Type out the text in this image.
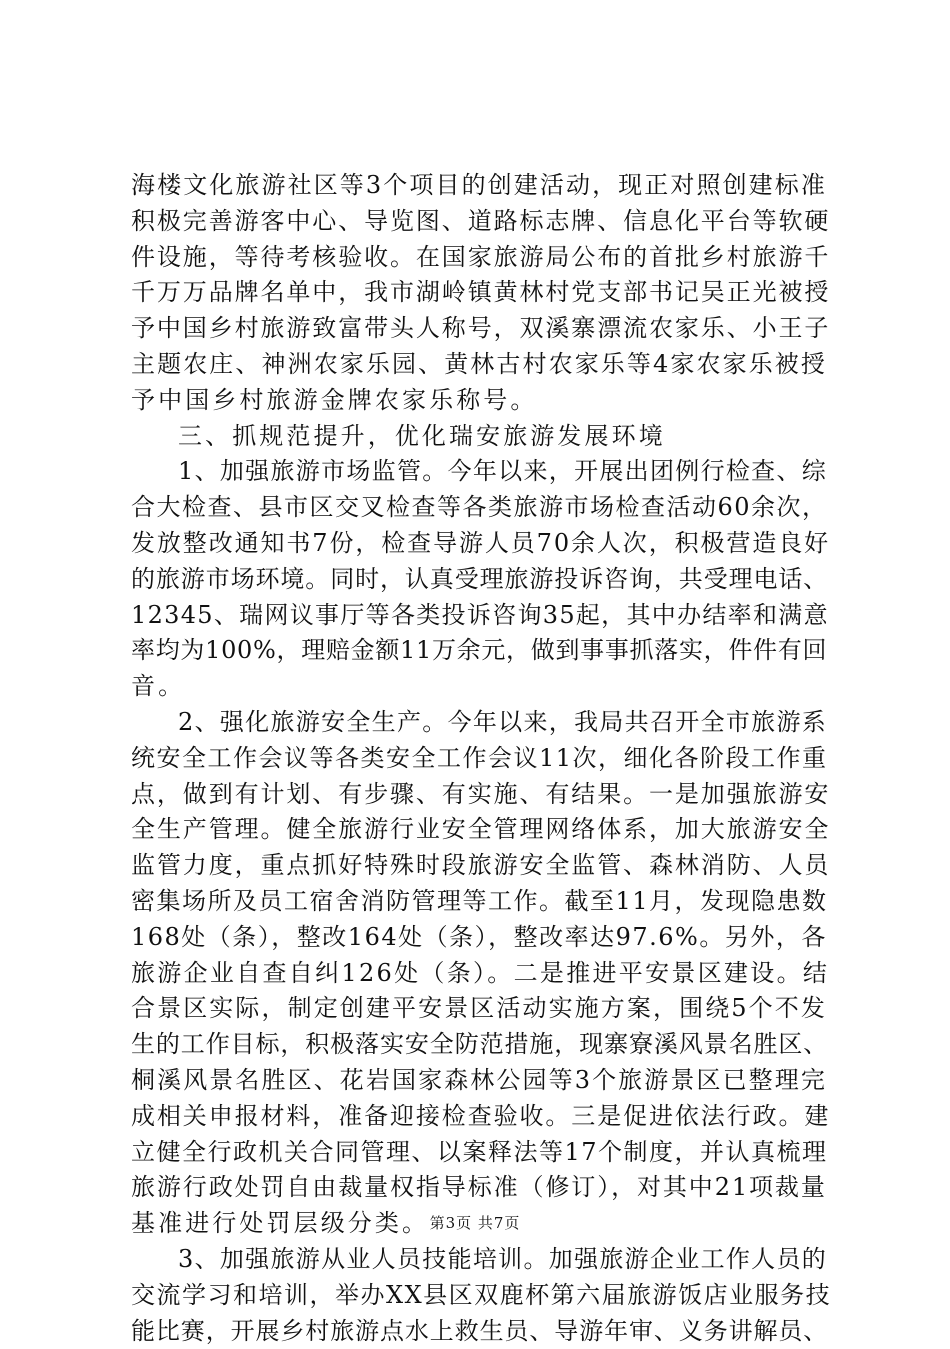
海楼文化旅游社区等3个项目的创建活动，现正对照创建标准
积极完善游客中心、导览图、道路标志牌、信息化平台等软硬
件设施，等待考核验收。在国家旅游局公布的首批乡村旅游千
千万万品牌名单中，我市湖岭镇黄林村党支部书记吴正光被授
予中国乡村旅游致富带头人称号，双溪寨漂流农家乐、小王子
主题农庄、神洲农家乐园、黄林古村农家乐等4家农家乐被授
予中国乡村旅游金牌农家乐称号。
三、抓规范提升，优化瑞安旅游发展环境
1、加强旅游市场监管。今年以来，开展出团例行检查、综
合大检查、县市区交叉检查等各类旅游市场检查活动60余次，
发放整改通知书7份，检查导游人员70余人次，积极营造良好
的旅游市场环境。同时，认真受理旅游投诉咨询，共受理电话、
12345、瑞网议事厅等各类投诉咨询35起，其中办结率和满意
率均为100%，理赔金额11万余元，做到事事抓落实，件件有回
音。
2、强化旅游安全生产。今年以来，我局共召开全市旅游系
统安全工作会议等各类安全工作会议11次，细化各阶段工作重
点，做到有计划、有步骤、有实施、有结果。一是加强旅游安
全生产管理。健全旅游行业安全管理网络体系，加大旅游安全
监管力度，重点抓好特殊时段旅游安全监管、森林消防、人员
密集场所及员工宿舍消防管理等工作。截至11月，发现隐患数
168处（条），整改164处（条），整改率达97.6%。另外，各
旅游企业自查自纠126处（条）。二是推进平安景区建设。结
合景区实际，制定创建平安景区活动实施方案，围绕5个不发
生的工作目标，积极落实安全防范措施，现寨寮溪风景名胜区、
桐溪风景名胜区、花岩国家森林公园等3个旅游景区已整理完
成相关申报材料，准备迎接检查验收。三是促进依法行政。建
立健全行政机关合同管理、以案释法等17个制度，并认真梳理
旅游行政处罚自由裁量权指导标准（修订），对其中21项裁量
基准进行处罚层级分类。
3、加强旅游从业人员技能培训。加强旅游企业工作人员的
交流学习和培训，举办XX县区双鹿杯第六届旅游饭店业服务技
能比赛，开展乡村旅游点水上救生员、导游年审、义务讲解员、
第3页 共7页
